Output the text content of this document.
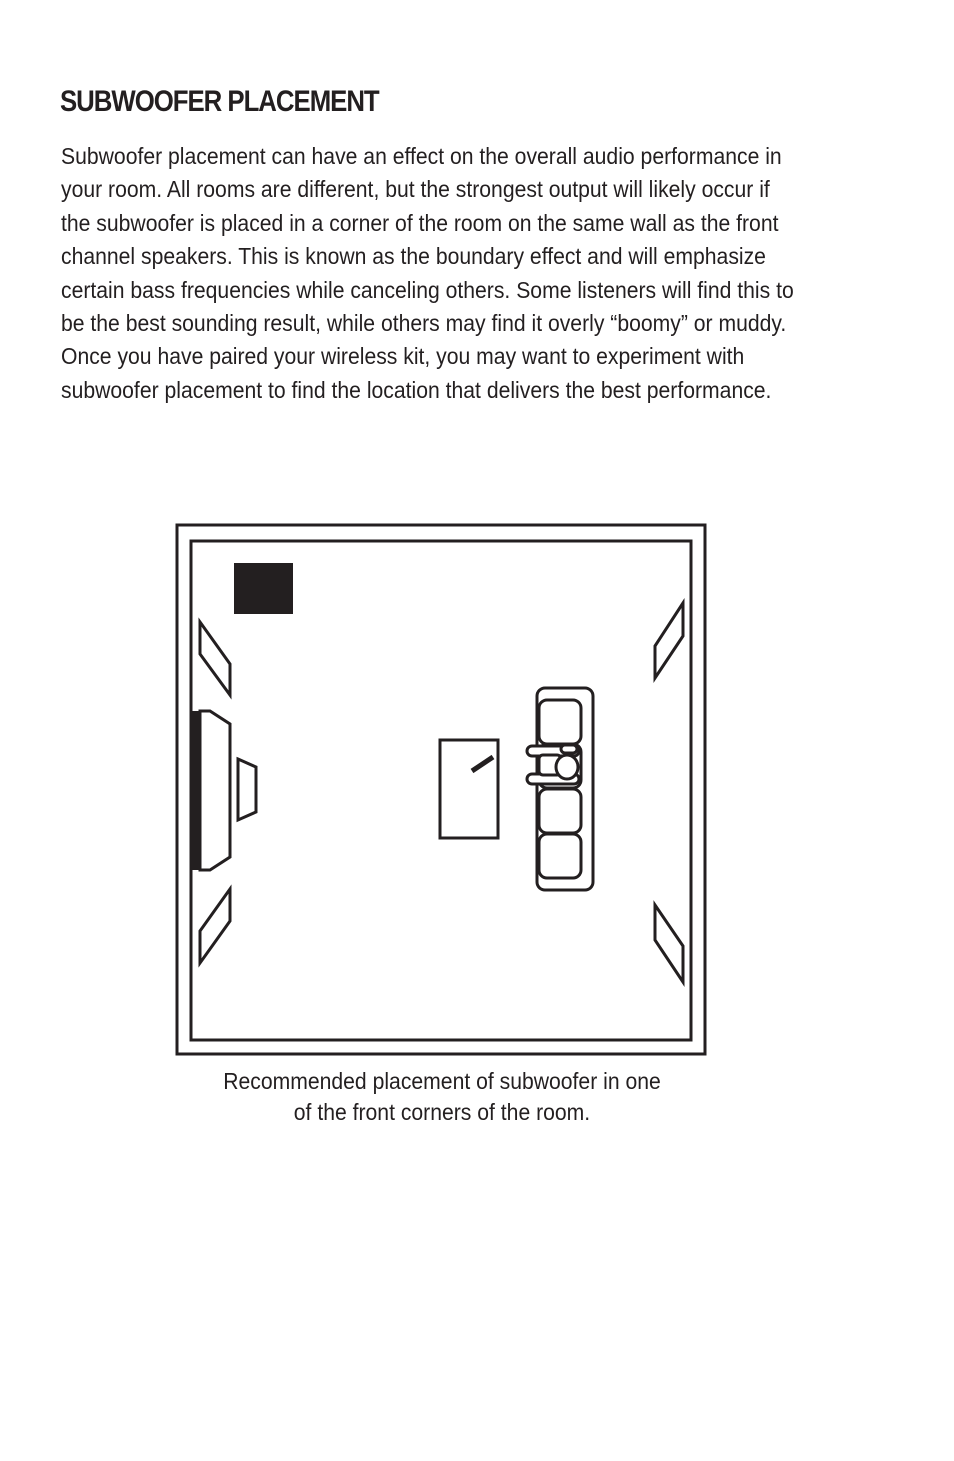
SUBWOOFER PLACEMENT
Subwoofer placement can have an effect on the overall audio performance in
your room. All rooms are different, but the strongest output will likely occur if
the subwoofer is placed in a corner of the room on the same wall as the front
channel speakers. This is known as the boundary effect and will emphasize
certain bass frequencies while canceling others. Some listeners will find this to
be the best sounding result, while others may find it overly “boomy” or muddy.
Once you have paired your wireless kit, you may want to experiment with
subwoofer placement to find the location that delivers the best performance.
Recommended placement of subwoofer in one
of the front corners of the room.
